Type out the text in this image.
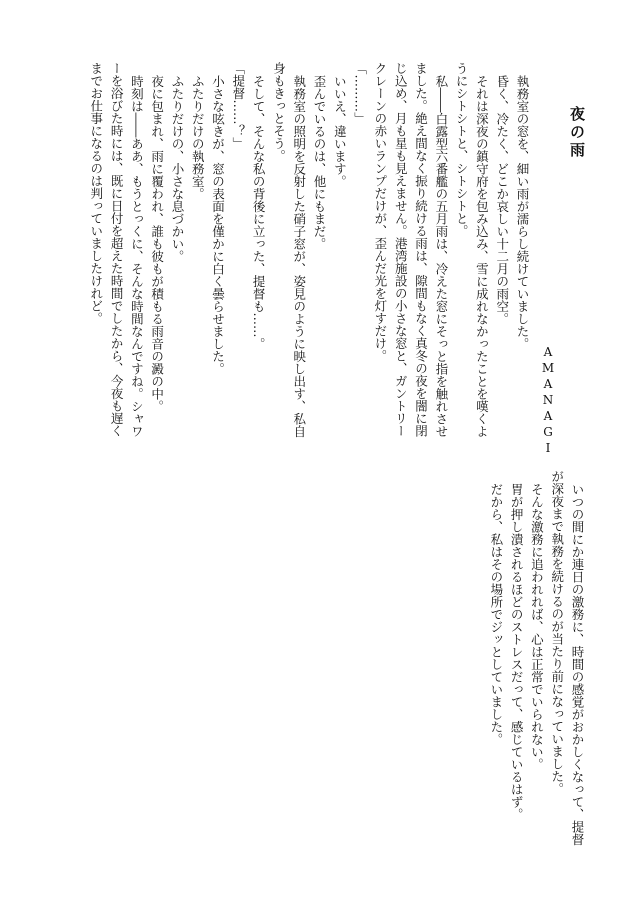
夜の雨
AMANAGI
執務室の窓を、細い雨が濡らし続けていました。
昏く、冷たく、どこか哀しい十二月の雨空。
それは深夜の鎮守府を包み込み、雪に成れなかったことを嘆くよ
うにシトシトと、シトシトと。
私――白露型六番艦の五月雨は、冷えた窓にそっと指を触れさせ
ました。絶え間なく振り続ける雨は、隙間もなく真冬の夜を闇に閉
じ込め、月も星も見えません。港湾施設の小さな窓と、ガントリー
クレーンの赤いランプだけが、歪んだ光を灯すだけ。
「………」
いいえ、違います。
歪んでいるのは、他にもまだ。
執務室の照明を反射した硝子窓が、姿見のように映し出す、私自
身もきっとそう。
そして、そんな私の背後に立った、提督も……。
「提督……？」
小さな呟きが、窓の表面を僅かに白く曇らせました。
ふたりだけの執務室。
ふたりだけの、小さな息づかい。
夜に包まれ、雨に覆われ、誰も彼もが積もる雨音の澱の中。
時刻は――ああ、もうとっくに、そんな時間なんですね。シャワ
ーを浴びた時には、既に日付を超えた時間でしたから、今夜も遅く
までお仕事になるのは判っていましたけれど。
いつの間にか連日の激務に、時間の感覚がおかしくなって、提督
が深夜まで執務を続けるのが当たり前になっていました。
そんな激務に追われれば、心は正常でいられない。
胃が押し潰されるほどのストレスだって、感じているはず。
だから、私はその場所でジッとしていました。
